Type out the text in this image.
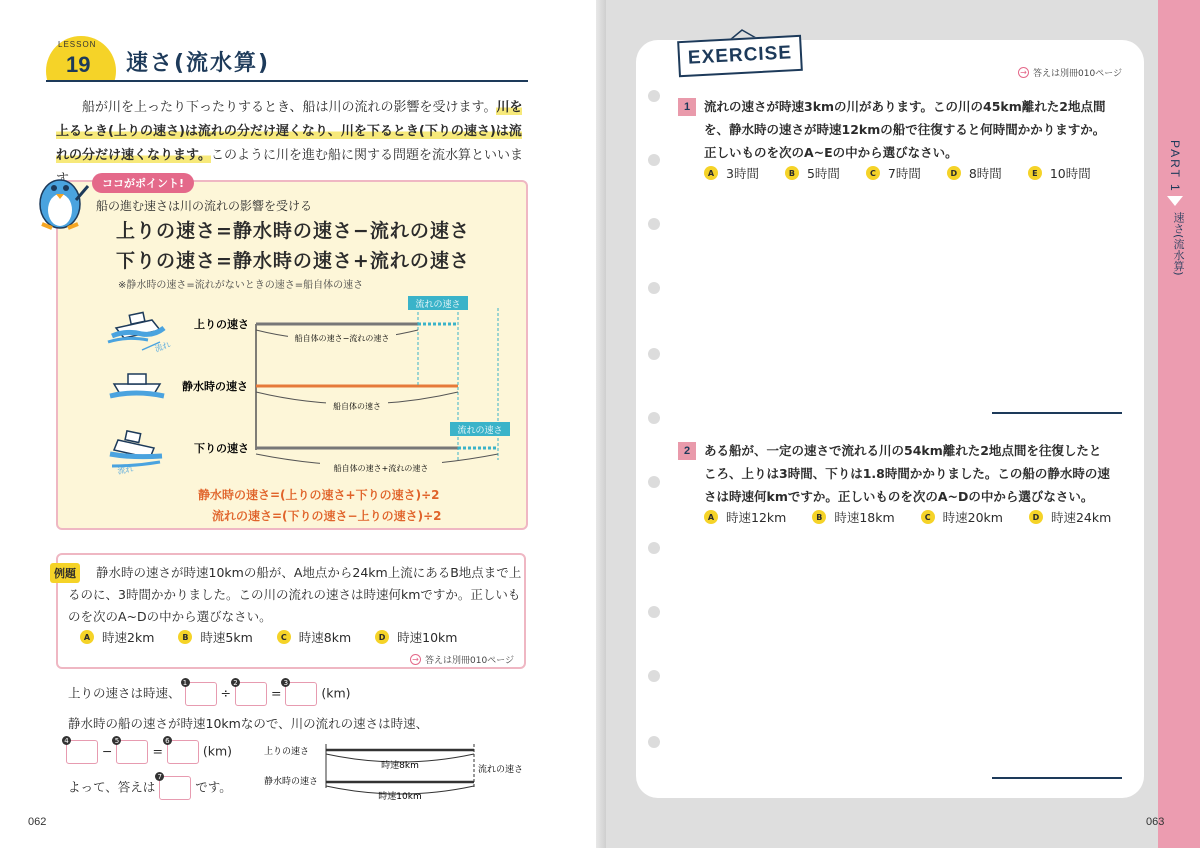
LESSON
19 速さ(流水算)
船が川を上ったり下ったりするとき、船は川の流れの影響を受けます。川を上るとき(上りの速さ)は流れの分だけ遅くなり、川を下るとき(下りの速さ)は流れの分だけ速くなります。このように川を進む船に関する問題を流水算といいま
ココがポイント!
船の進む速さは川の流れの影響を受ける
上りの速さ=静水時の速さ−流れの速さ
下りの速さ=静水時の速さ+流れの速さ
※静水時の速さ=流れがないときの速さ=船自体の速さ
流れ
流れ
上りの速さ
静水時の速さ
下りの速さ
流れの速さ
流れの速さ
船自体の速さ−流れの速さ
船自体の速さ
船自体の速さ+流れの速さ
静水時の速さ=(上りの速さ+下りの速さ)÷2
流れの速さ=(下りの速さ−上りの速さ)÷2
例題	静水時の速さが時速10kmの船が、A地点から24km上流にあるB地点まで上るのに、3時間かかりました。この川の流れの速さは時速何kmですか。正しいものを次のA~Dの中から選びなさい。
A 時速2km	B 時速5km	C 時速8km	D 時速10km
→ 答えは別冊010ページ
上りの速さは時速、
1
÷
2
=
3
(km)
静水時の船の速さが時速10kmなので、川の流れの速さは時速、
4
−
5
=
6
(km)
よって、答えは
7
です。
上りの速さ
静水時の速さ
時速8km
時速10km
流れの速さ
062
EXERCISE
→ 答えは別冊010ページ
1	流れの速さが時速3kmの川があります。この川の45km離れた2地点間
を、静水時の速さが時速12kmの船で往復すると何時間かかりますか。
正しいものを次のA~Eの中から選びなさい。
A 3時間	B 5時間	C 7時間	D 8時間	E 10時間
2	ある船が、一定の速さで流れる川の54km離れた2地点間を往復したと
ころ、上りは3時間、下りは1.8時間かかりました。この船の静水時の速
さは時速何kmですか。正しいものを次のA~Dの中から選びなさい。
A 時速12km	B 時速18km	C 時速20km	D 時速24km
PART 1
速さ(流水算)
063
